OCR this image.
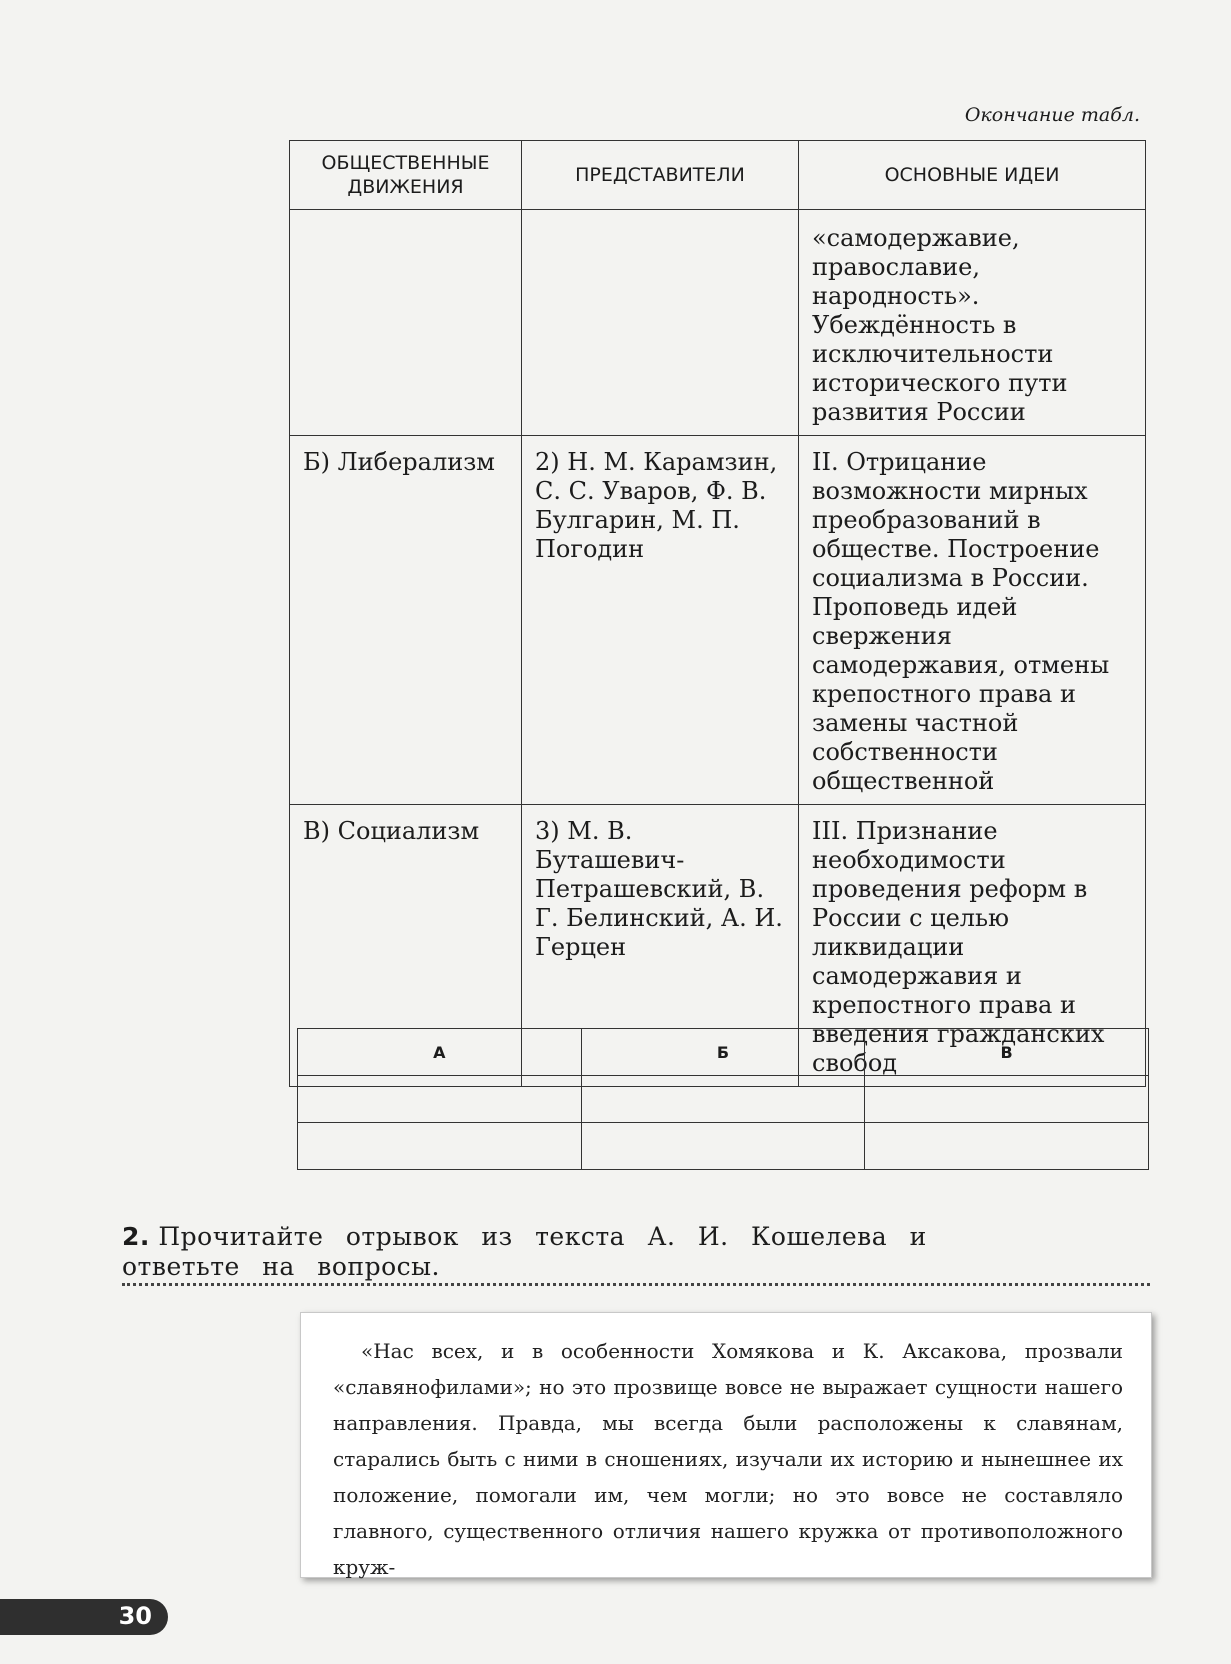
Окончание табл.
ОБЩЕСТВЕННЫЕ ДВИЖЕНИЯ	ПРЕДСТАВИТЕЛИ	ОСНОВНЫЕ ИДЕИ
		«самодержавие, православие, народность». Убеждённость в исключительности исторического пути развития России
Б) Либерализм	2) Н. М. Карамзин, С. С. Уваров, Ф. В. Булгарин, М. П. Погодин	II. Отрицание возможности мирных преобразований в обществе. Построение социализма в России. Проповедь идей свержения самодержавия, отмены крепостного права и замены частной собственности общественной
В) Социализм	3) М. В. Буташевич-Петрашевский, В. Г. Белинский, А. И. Герцен	III. Признание необходимости проведения реформ в России с целью ликвидации самодержавия и крепостного права и введения гражданских свобод
А	Б	В

2. Прочитайте отрывок из текста А. И. Кошелева и ответьте на вопросы.
«Нас всех, и в особенности Хомякова и К. Аксакова, прозвали «славянофилами»; но это прозвище вовсе не выражает сущности нашего направления. Правда, мы всегда были расположены к славянам, старались быть с ними в сношениях, изучали их историю и нынешнее их положение, помогали им, чем могли; но это вовсе не составляло главного, существенного отличия нашего кружка от противоположного круж-
30
